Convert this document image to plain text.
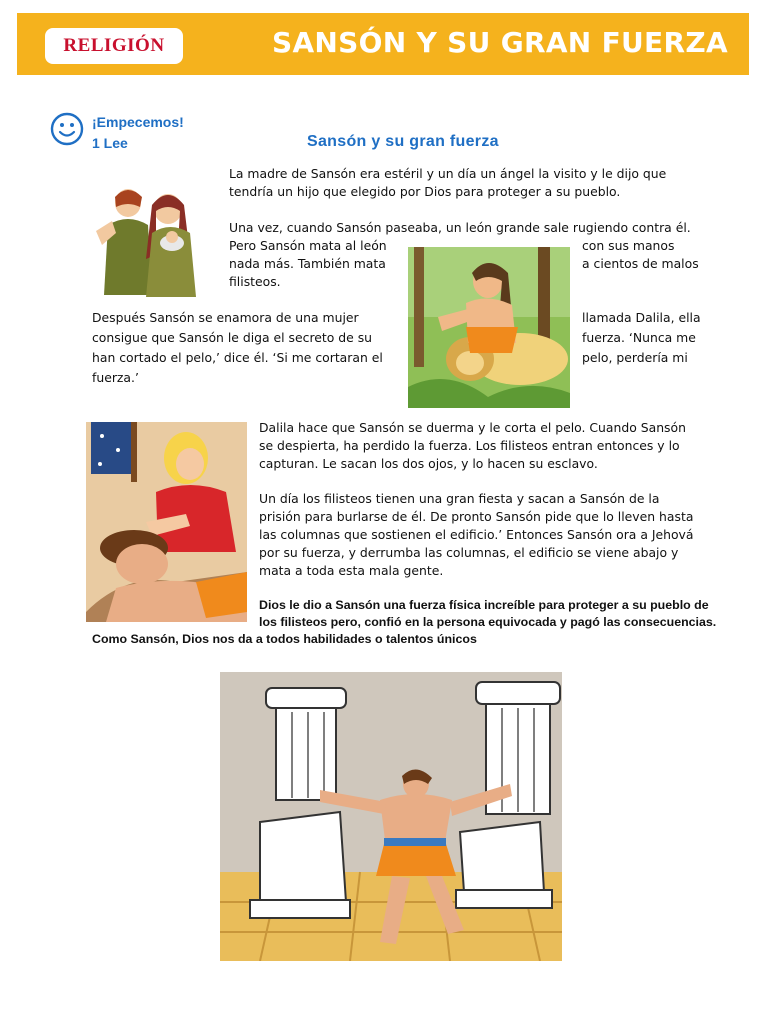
RELIGIÓN	SANSÓN Y SU GRAN FUERZA
¡Empecemos!
1 Lee	Sansón y su gran fuerza
La madre de Sansón era estéril y un día un ángel la visito y le dijo que
tendría un hijo que elegido por Dios para proteger a su pueblo.
Una vez, cuando Sansón paseaba, un león grande sale rugiendo contra él.
Pero Sansón mata al león
nada más. También mata
filisteos.
con sus manos
a cientos de malos
Después Sansón se enamora de una mujer
consigue que Sansón le diga el secreto de su
han cortado el pelo,’ dice él. ‘Si me cortaran el
fuerza.’
llamada Dalila, ella
fuerza. ‘Nunca me
pelo, perdería mi
Dalila hace que Sansón se duerma y le corta el pelo. Cuando Sansón
se despierta, ha perdido la fuerza. Los filisteos entran entonces y lo
capturan. Le sacan los dos ojos, y lo hacen su esclavo.
Un día los filisteos tienen una gran fiesta y sacan a Sansón de la
prisión para burlarse de él. De pronto Sansón pide que lo lleven hasta
las columnas que sostienen el edificio.’ Entonces Sansón ora a Jehová
por su fuerza, y derrumba las columnas, el edificio se viene abajo y
mata a toda esta mala gente.
Dios le dio a Sansón una fuerza física increíble para proteger a su pueblo de
los filisteos pero, confió en la persona equivocada y pagó las consecuencias.
Como Sansón, Dios nos da a todos habilidades o talentos únicos
